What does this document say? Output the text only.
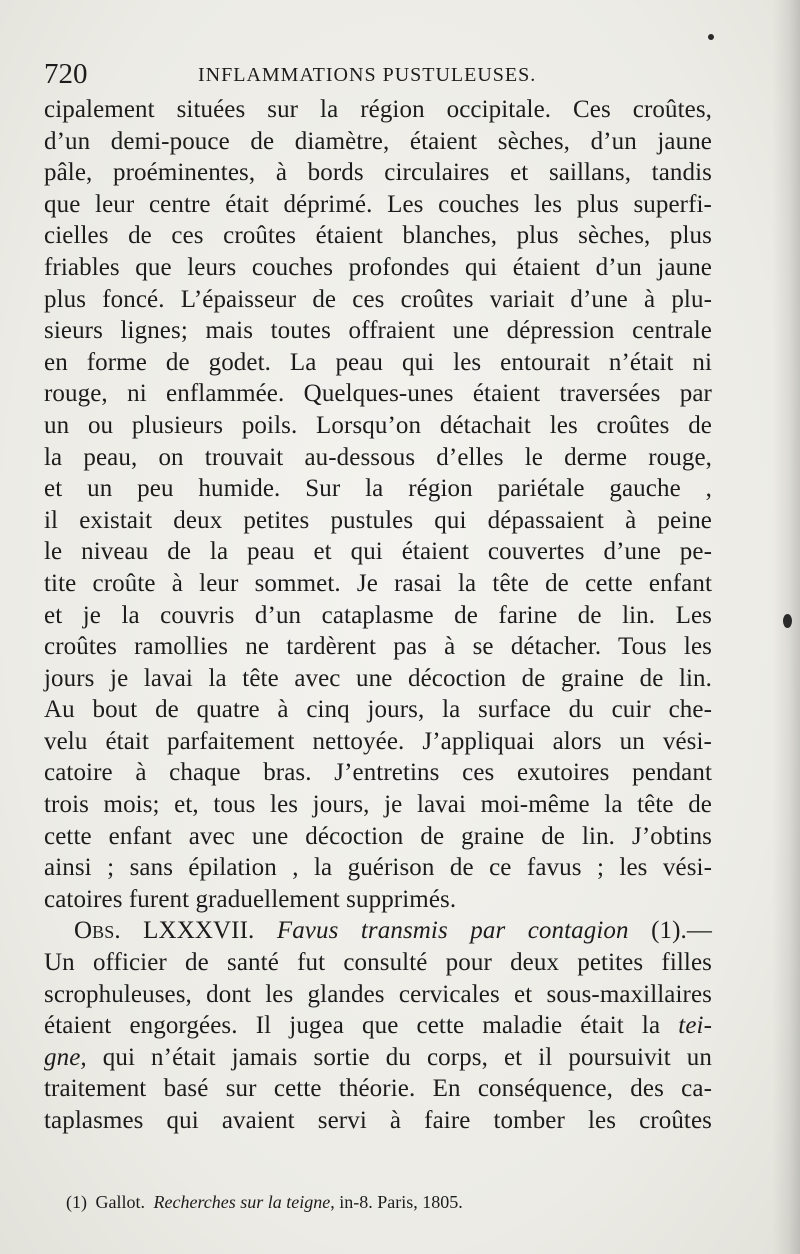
720	INFLAMMATIONS PUSTULEUSES.
cipalement situées sur la région occipitale. Ces croûtes,
d’un demi-pouce de diamètre, étaient sèches, d’un jaune
pâle, proéminentes, à bords circulaires et saillans, tandis
que leur centre était déprimé. Les couches les plus superfi-
cielles de ces croûtes étaient blanches, plus sèches, plus
friables que leurs couches profondes qui étaient d’un jaune
plus foncé. L’épaisseur de ces croûtes variait d’une à plu-
sieurs lignes; mais toutes offraient une dépression centrale
en forme de godet. La peau qui les entourait n’était ni
rouge, ni enflammée. Quelques-unes étaient traversées par
un ou plusieurs poils. Lorsqu’on détachait les croûtes de
la peau, on trouvait au-dessous d’elles le derme rouge,
et un peu humide. Sur la région pariétale gauche ,
il existait deux petites pustules qui dépassaient à peine
le niveau de la peau et qui étaient couvertes d’une pe-
tite croûte à leur sommet. Je rasai la tête de cette enfant
et je la couvris d’un cataplasme de farine de lin. Les
croûtes ramollies ne tardèrent pas à se détacher. Tous les
jours je lavai la tête avec une décoction de graine de lin.
Au bout de quatre à cinq jours, la surface du cuir che-
velu était parfaitement nettoyée. J’appliquai alors un vési-
catoire à chaque bras. J’entretins ces exutoires pendant
trois mois; et, tous les jours, je lavai moi-même la tête de
cette enfant avec une décoction de graine de lin. J’obtins
ainsi ; sans épilation , la guérison de ce favus ; les vési-
catoires furent graduellement supprimés.
Obs. LXXXVII. Favus transmis par contagion (1).—
Un officier de santé fut consulté pour deux petites filles
scrophuleuses, dont les glandes cervicales et sous-maxillaires
étaient engorgées. Il jugea que cette maladie était la tei-
gne, qui n’était jamais sortie du corps, et il poursuivit un
traitement basé sur cette théorie. En conséquence, des ca-
taplasmes qui avaient servi à faire tomber les croûtes
(1) Gallot. Recherches sur la teigne, in-8. Paris, 1805.
